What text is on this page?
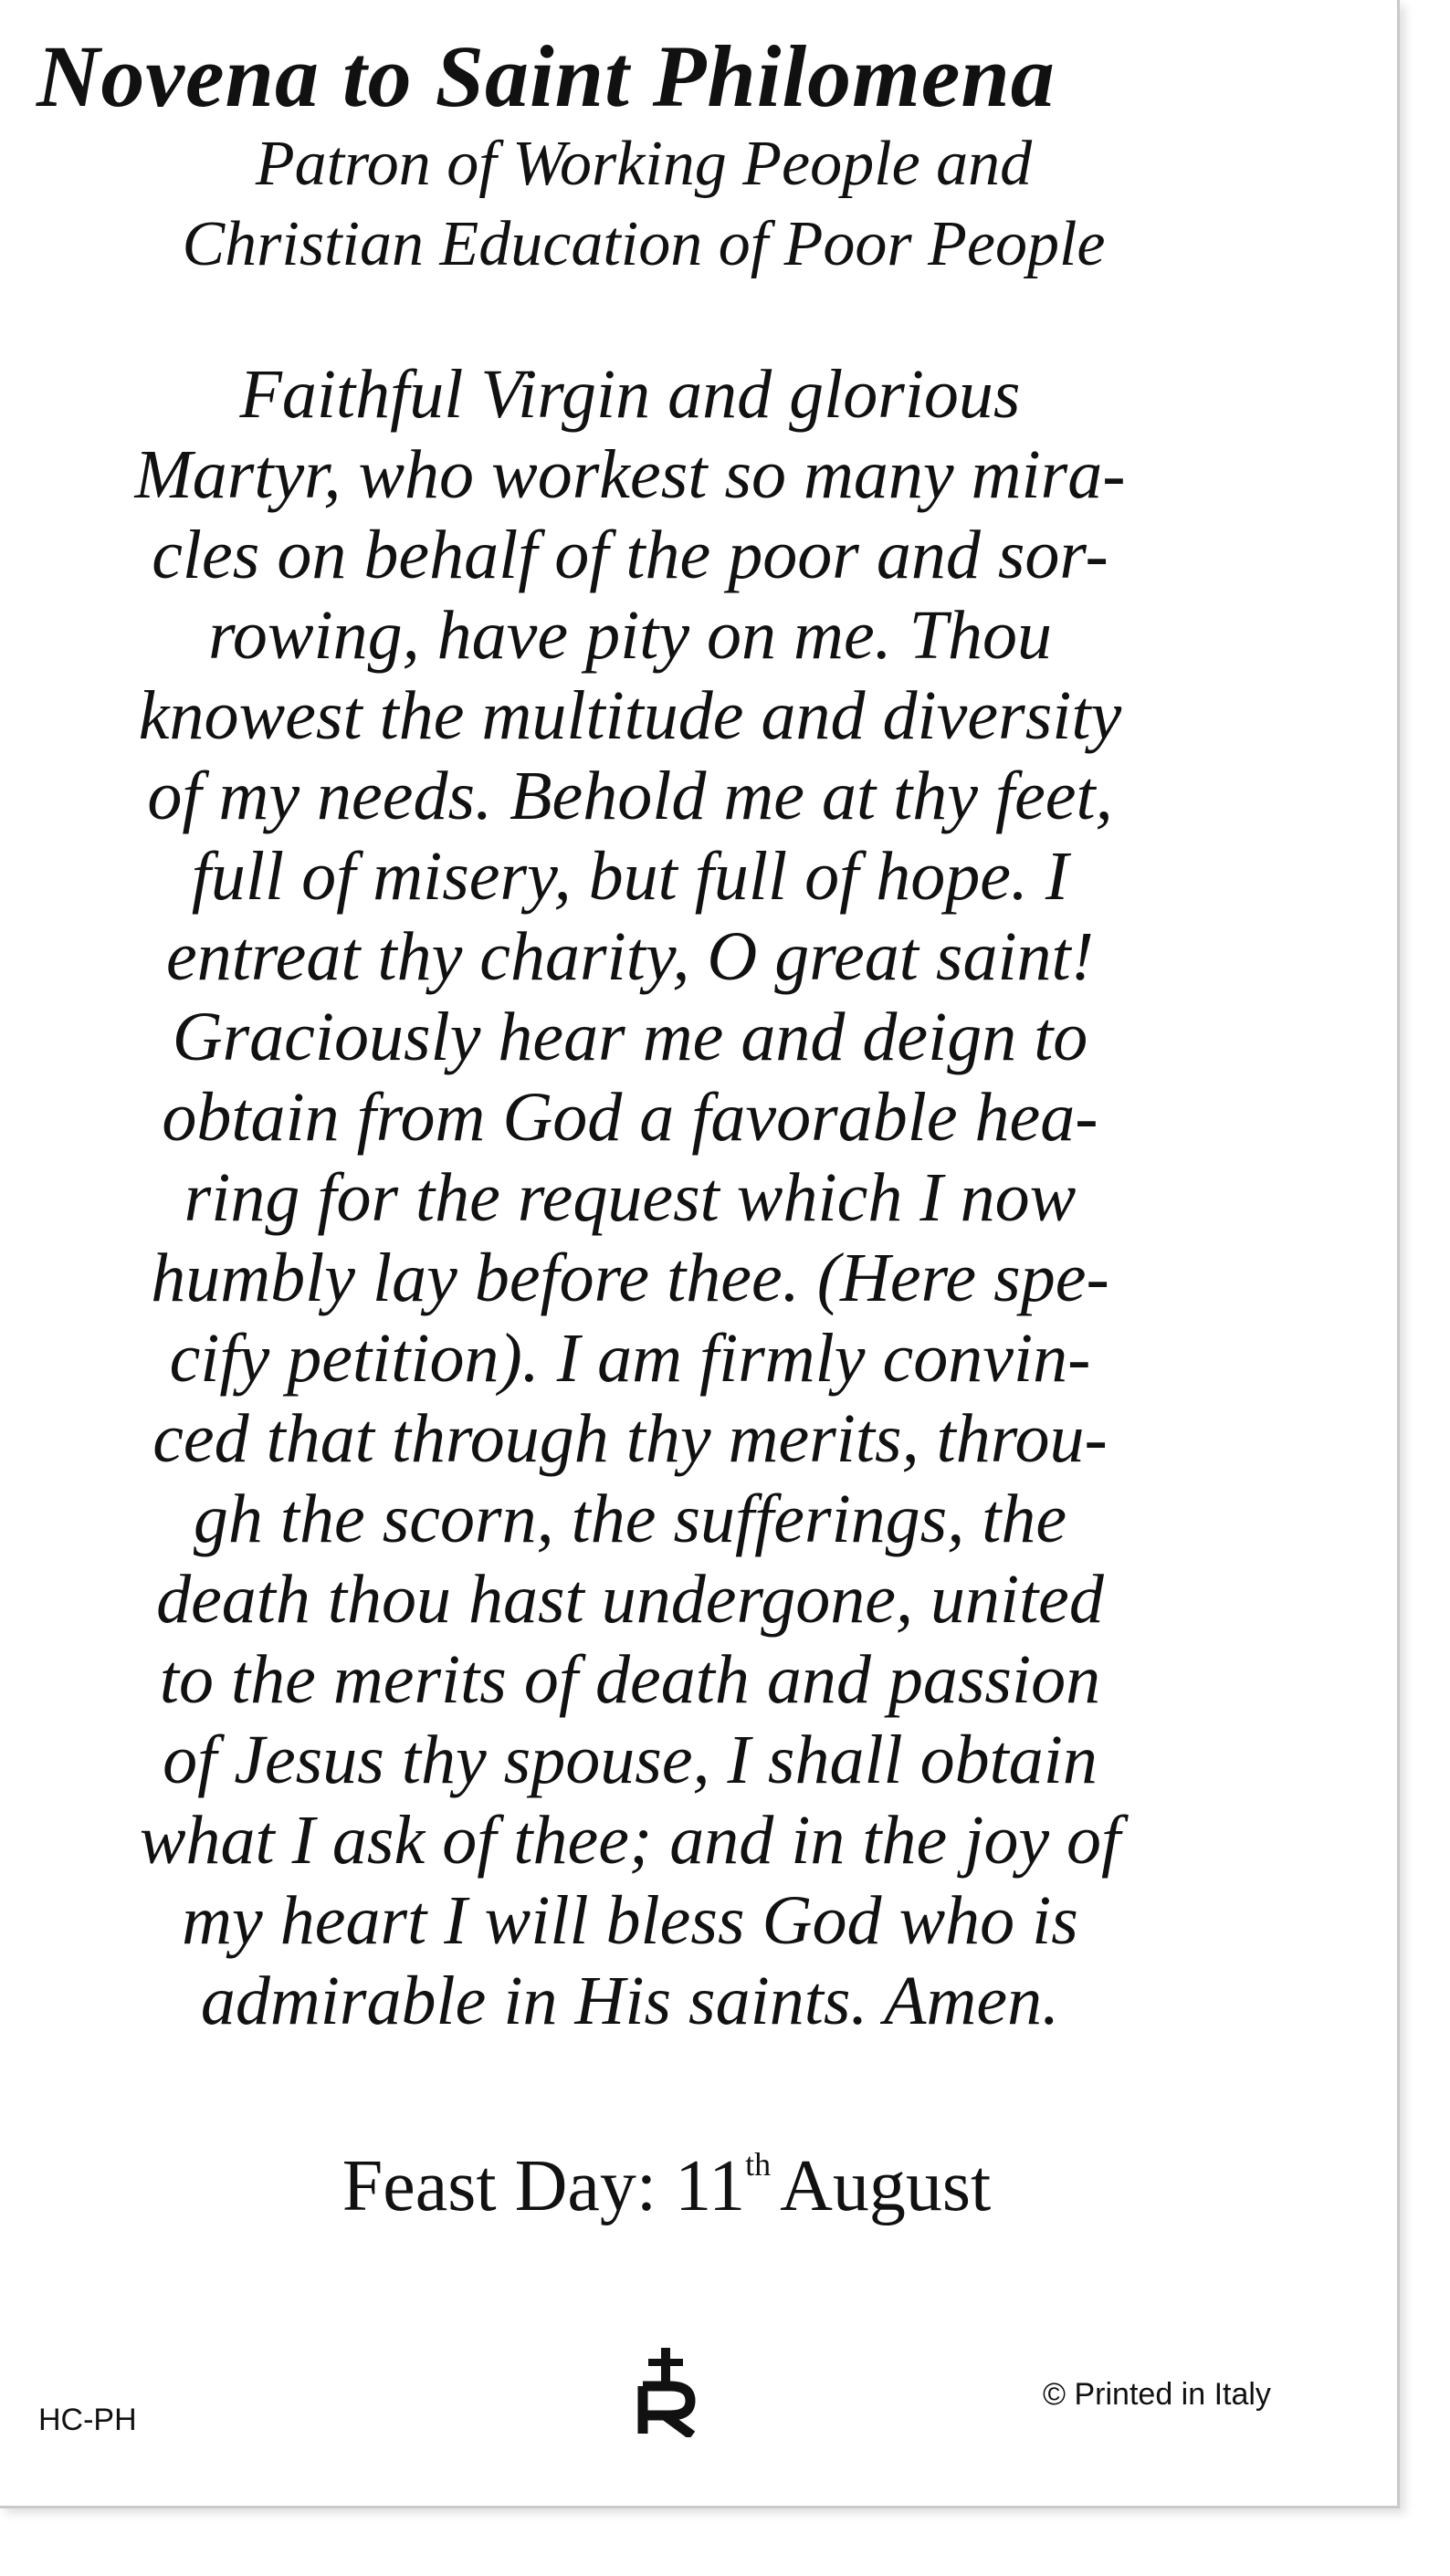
Novena to Saint Philomena
Patron of Working People and
Christian Education of Poor People
Faithful Virgin and glorious
Martyr, who workest so many mira-
cles on behalf of the poor and sor-
rowing, have pity on me. Thou
knowest the multitude and diversity
of my needs. Behold me at thy feet,
full of misery, but full of hope. I
entreat thy charity, O great saint!
Graciously hear me and deign to
obtain from God a favorable hea-
ring for the request which I now
humbly lay before thee. (Here spe-
cify petition). I am firmly convin-
ced that through thy merits, throu-
gh the scorn, the sufferings, the
death thou hast undergone, united
to the merits of death and passion
of Jesus thy spouse, I shall obtain
what I ask of thee; and in the joy of
my heart I will bless God who is
admirable in His saints. Amen.
Feast Day: 11th August
HC-PH
© Printed in Italy
